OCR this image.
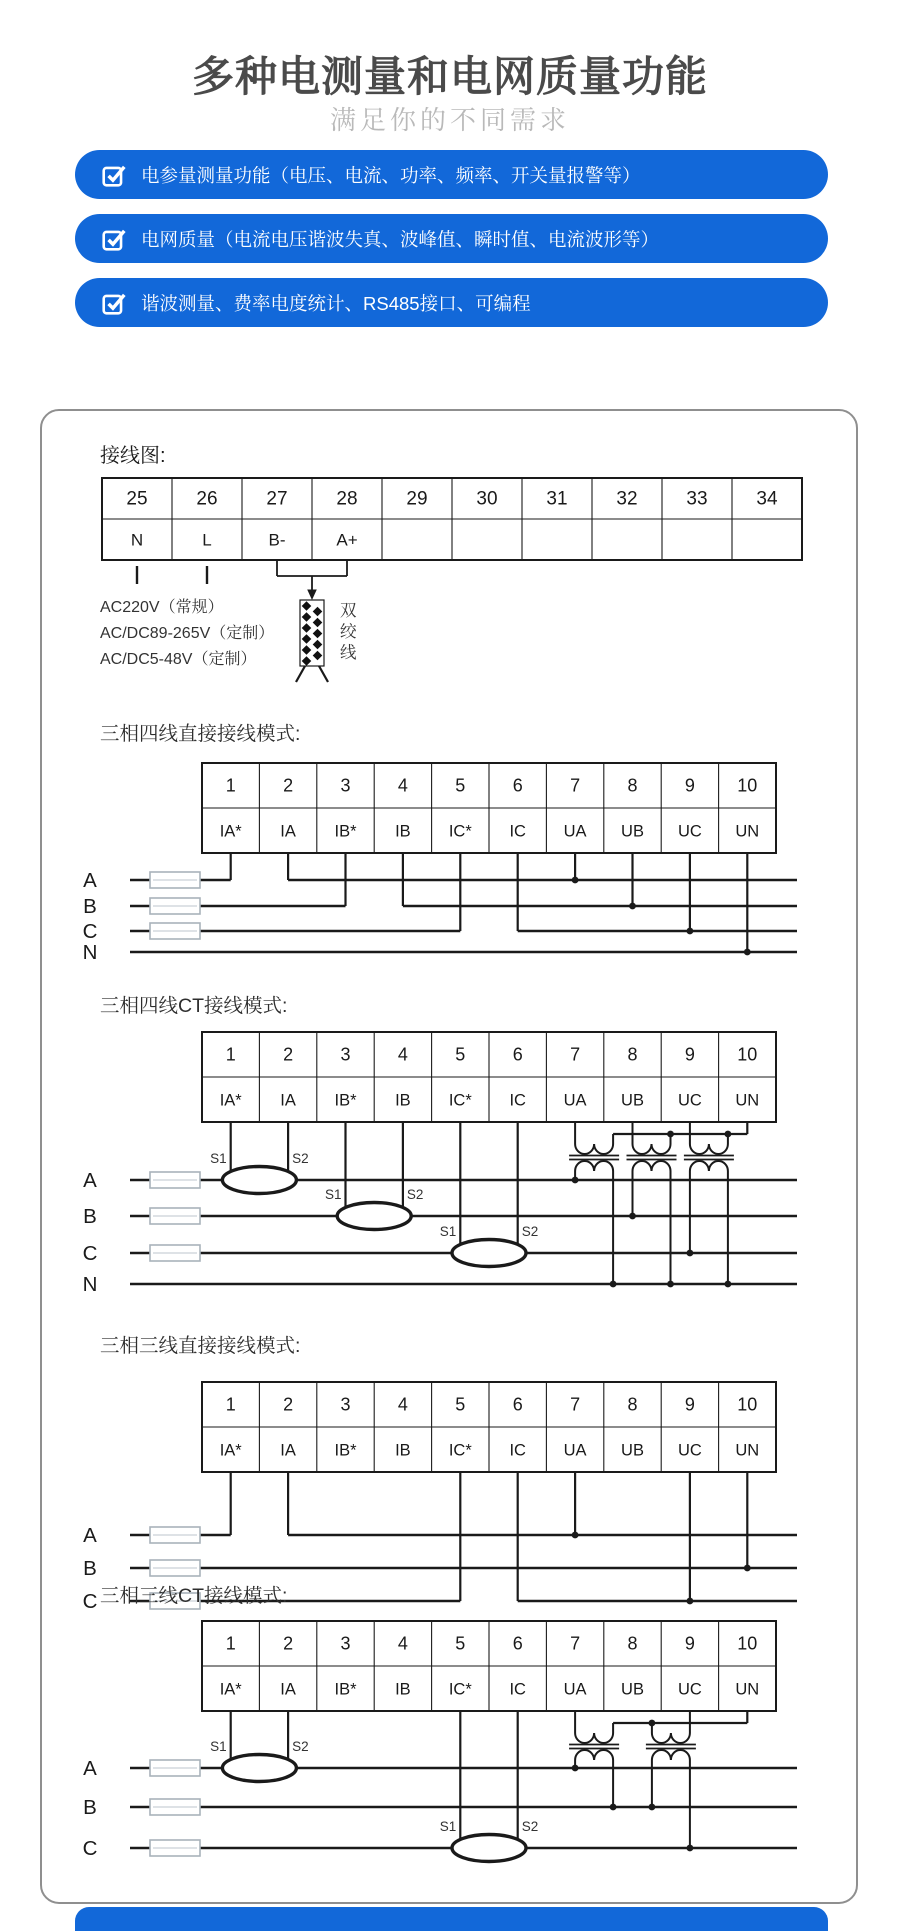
多种电测量和电网质量功能
满足你的不同需求
电参量测量功能（电压、电流、功率、频率、开关量报警等）
电网质量（电流电压谐波失真、波峰值、瞬时值、电流波形等）
谐波测量、费率电度统计、RS485接口、可编程
接线图:
25	26	27	28	29	30	31	32	33	34
N	L	B-	A+
AC220V（常规）
AC/DC89-265V（定制）
AC/DC5-48V（定制）
双
绞
线
三相四线直接接线模式:
1	2	3	4	5	6	7	8	9 10
IA* IA IB* IB IC* IC UA UB UC UN
A
B
C
N
三相四线CT接线模式:
1	2	3	4	5	6	7	8	9 10
IA* IA IB* IB IC* IC UA UB UC UN
A
B
C
N
S1	S2
S1	S2
S1	S2
三相三线直接接线模式:
1	2	3	4	5	6	7	8	9 10
IA* IA IB* IB IC* IC UA UB UC UN
A
B
C 三相三线CT接线模式:
1	2	3	4	5	6	7	8	9 10
IA* IA IB* IB IC* IC UA UB UC UN
A
B
C
S1	S2
S1	S2
